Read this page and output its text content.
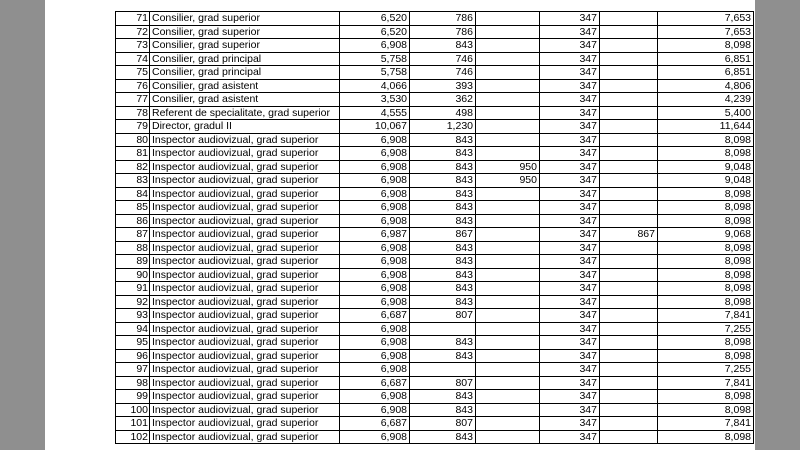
71	Consilier, grad superior	6,520	786		347		7,653
72	Consilier, grad superior	6,520	786		347		7,653
73	Consilier, grad superior	6,908	843		347		8,098
74	Consilier, grad principal	5,758	746		347		6,851
75	Consilier, grad principal	5,758	746		347		6,851
76	Consilier, grad asistent	4,066	393		347		4,806
77	Consilier, grad asistent	3,530	362		347		4,239
78	Referent de specialitate, grad superior	4,555	498		347		5,400
79	Director, gradul II	10,067	1,230		347		11,644
80	Inspector audiovizual, grad superior	6,908	843		347		8,098
81	Inspector audiovizual, grad superior	6,908	843		347		8,098
82	Inspector audiovizual, grad superior	6,908	843	950	347		9,048
83	Inspector audiovizual, grad superior	6,908	843	950	347		9,048
84	Inspector audiovizual, grad superior	6,908	843		347		8,098
85	Inspector audiovizual, grad superior	6,908	843		347		8,098
86	Inspector audiovizual, grad superior	6,908	843		347		8,098
87	Inspector audiovizual, grad superior	6,987	867		347	867	9,068
88	Inspector audiovizual, grad superior	6,908	843		347		8,098
89	Inspector audiovizual, grad superior	6,908	843		347		8,098
90	Inspector audiovizual, grad superior	6,908	843		347		8,098
91	Inspector audiovizual, grad superior	6,908	843		347		8,098
92	Inspector audiovizual, grad superior	6,908	843		347		8,098
93	Inspector audiovizual, grad superior	6,687	807		347		7,841
94	Inspector audiovizual, grad superior	6,908			347		7,255
95	Inspector audiovizual, grad superior	6,908	843		347		8,098
96	Inspector audiovizual, grad superior	6,908	843		347		8,098
97	Inspector audiovizual, grad superior	6,908			347		7,255
98	Inspector audiovizual, grad superior	6,687	807		347		7,841
99	Inspector audiovizual, grad superior	6,908	843		347		8,098
100	Inspector audiovizual, grad superior	6,908	843		347		8,098
101	Inspector audiovizual, grad superior	6,687	807		347		7,841
102	Inspector audiovizual, grad superior	6,908	843		347		8,098
